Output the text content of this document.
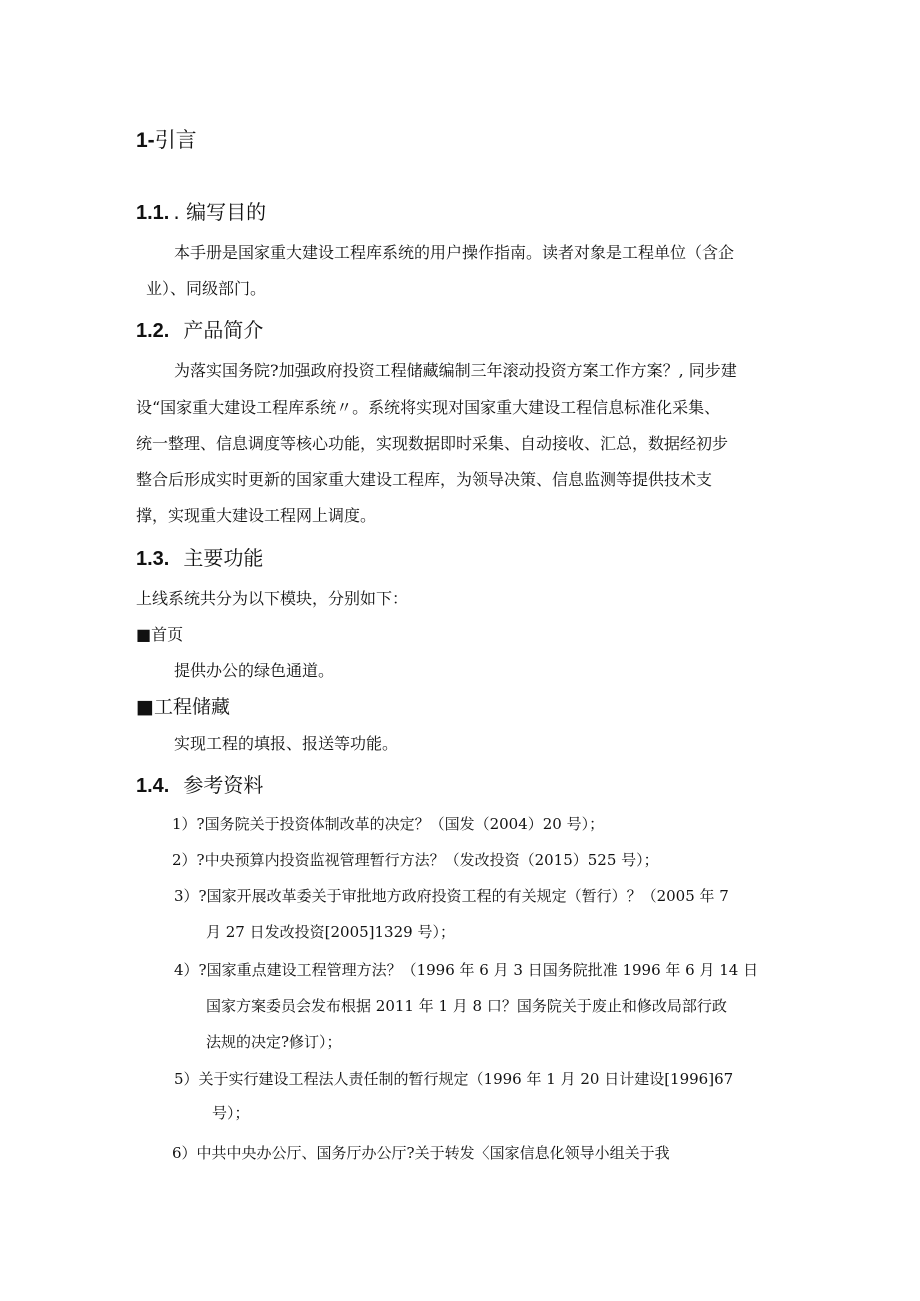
1-引言
1.1. . 编写目的
本手册是国家重大建设工程库系统的用户操作指南。读者对象是工程单位（含企
业）、同级部门。
1.2. 产品简介
为落实国务院?加强政府投资工程储藏编制三年滚动投资方案工作方案？, 同步建
设“国家重大建设工程库系统〃。系统将实现对国家重大建设工程信息标准化采集、
统一整理、信息调度等核心功能，实现数据即时采集、自动接收、汇总，数据经初步
整合后形成实时更新的国家重大建设工程库，为领导决策、信息监测等提供技术支
撑，实现重大建设工程网上调度。
1.3. 主要功能
上线系统共分为以下模块，分别如下：
■首页
提供办公的绿色通道。
■工程储藏
实现工程的填报、报送等功能。
1.4. 参考资料
1）?国务院关于投资体制改革的决定？（国发（2004）20 号）；
2）?中央预算内投资监视管理暂行方法？（发改投资（2015）525 号）；
3）?国家开展改革委关于审批地方政府投资工程的有关规定（暂行）？（2005 年 7
月 27 日发改投资[2005]1329 号）；
4）?国家重点建设工程管理方法？（1996 年 6 月 3 日国务院批准 1996 年 6 月 14 日
国家方案委员会发布根据 2011 年 1 月 8 口？国务院关于废止和修改局部行政
法规的决定?修订）；
5）关于实行建设工程法人责任制的暂行规定（1996 年 1 月 20 日计建设[1996]67
号）；
6）中共中央办公厅、国务厅办公厅?关于转发〈国家信息化领导小组关于我
